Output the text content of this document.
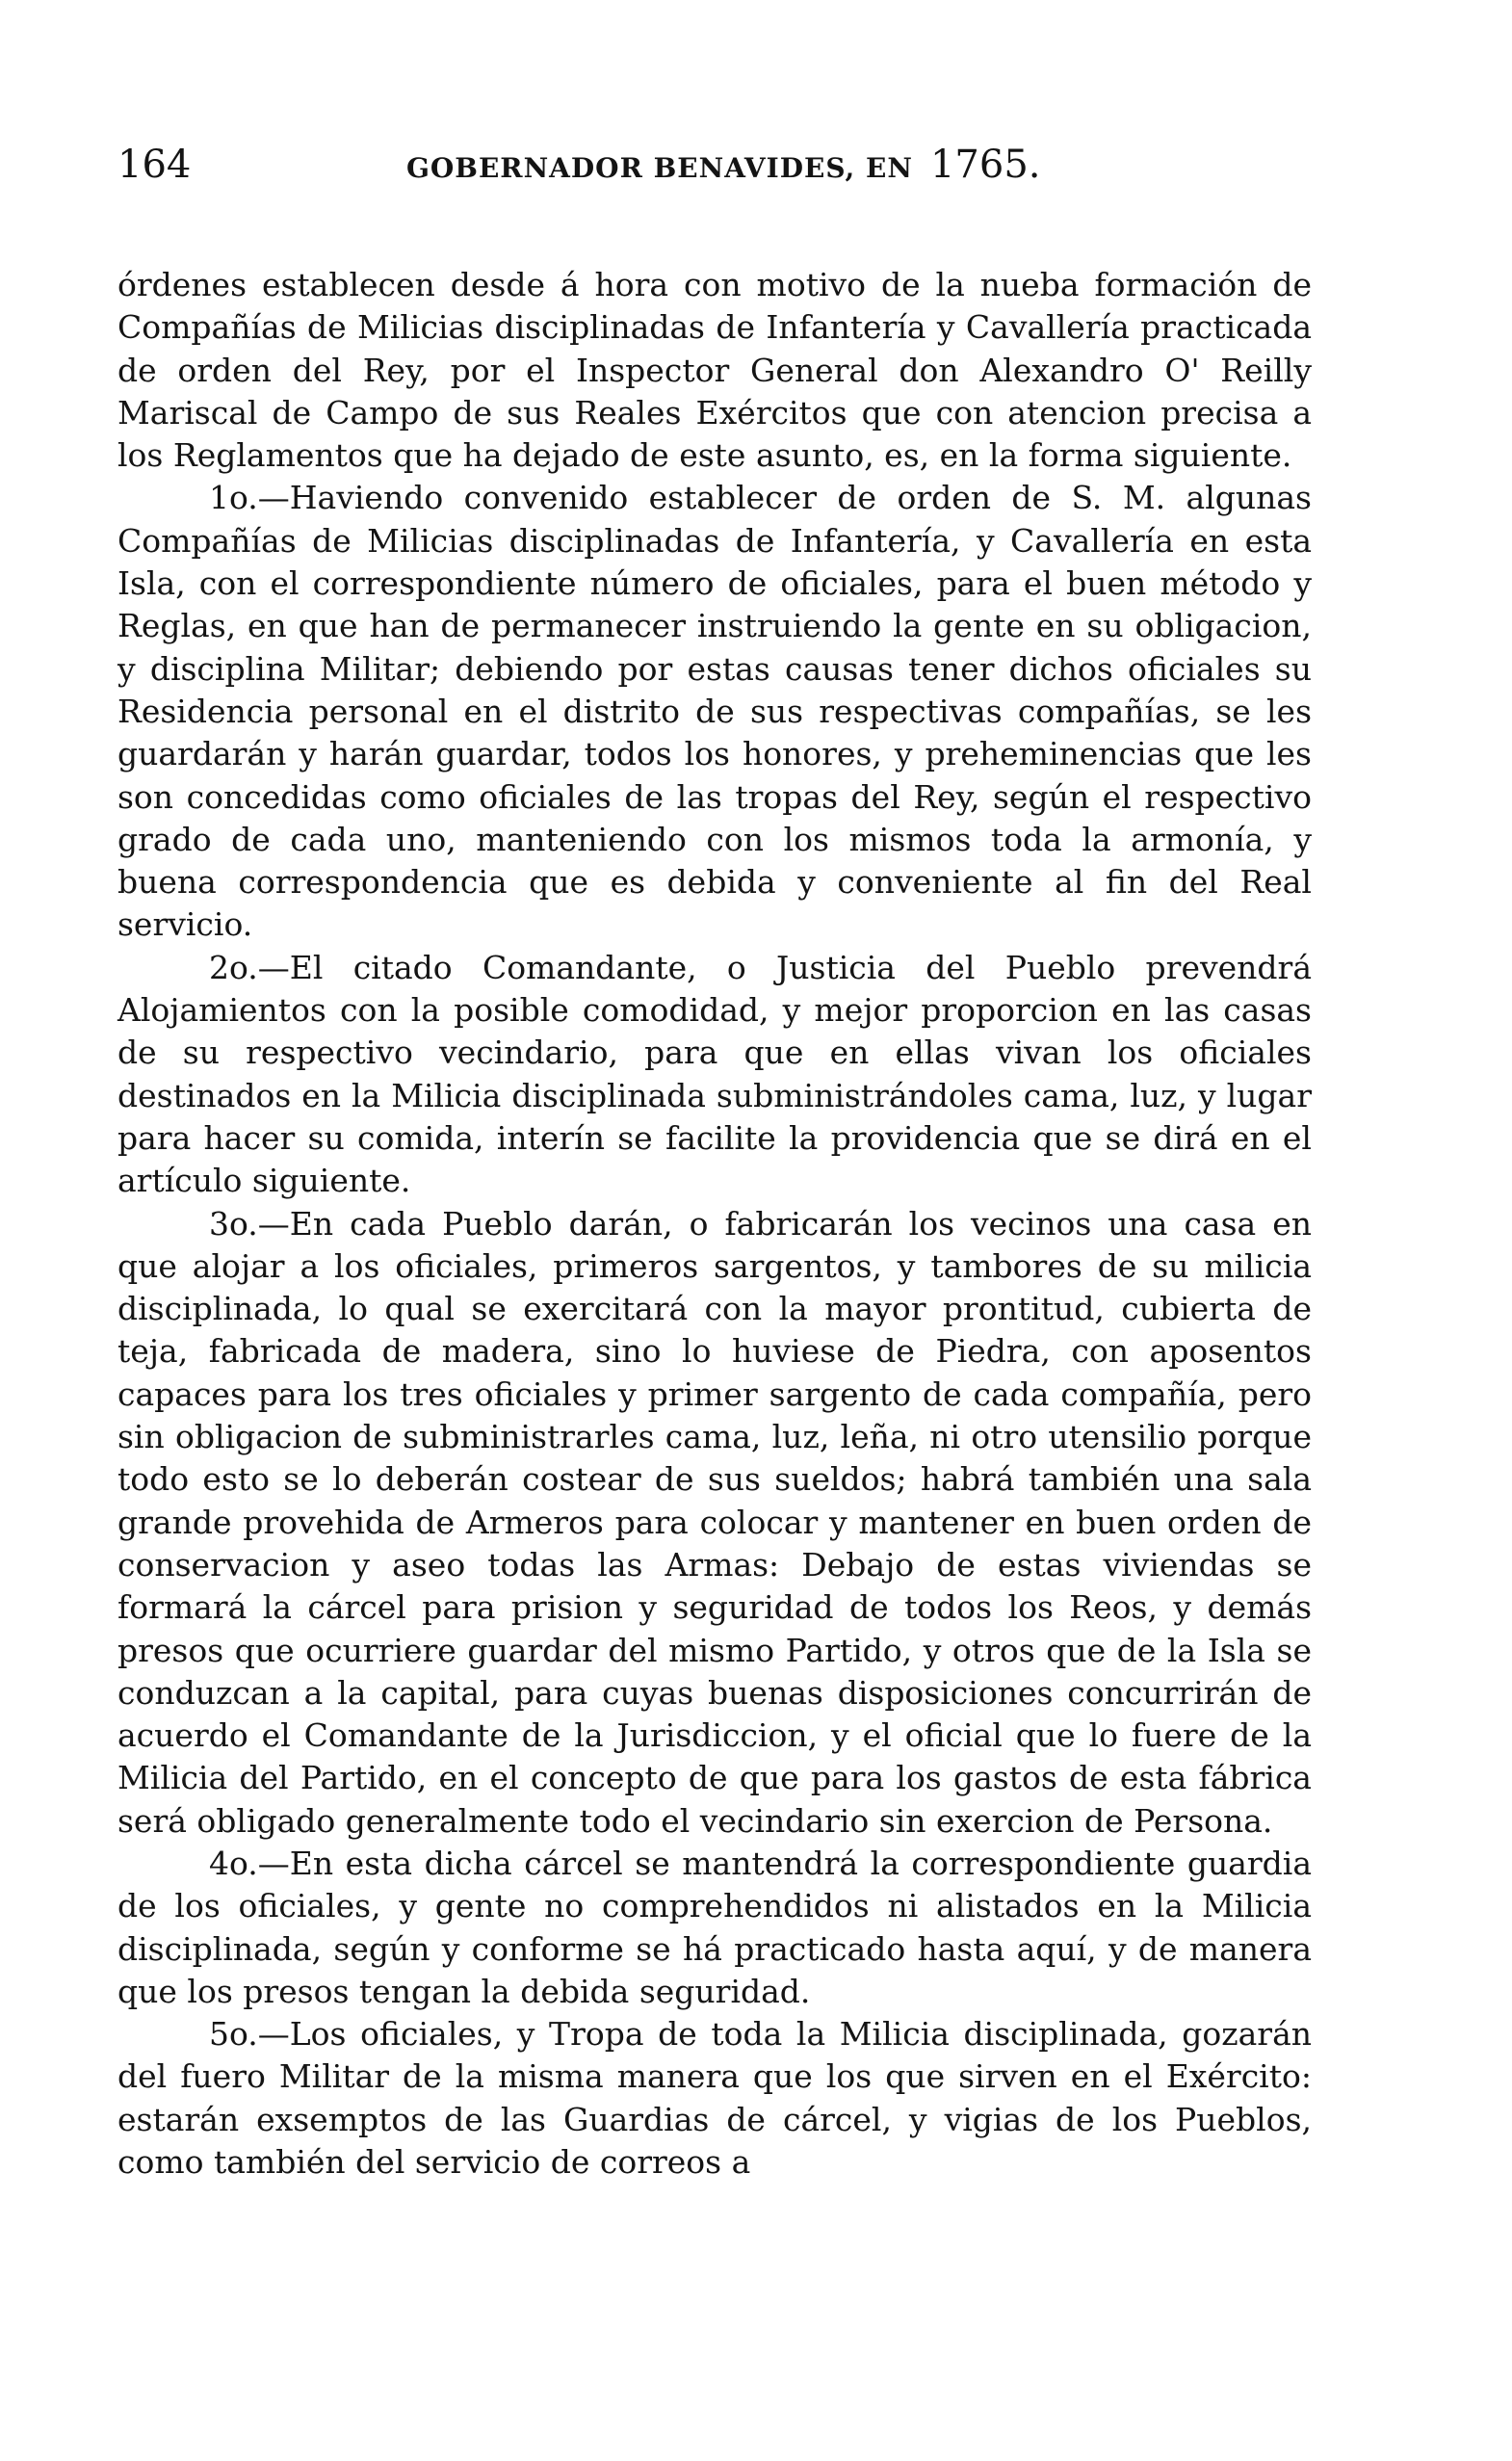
164	GOBERNADOR BENAVIDES, EN 1765.

órdenes establecen desde á hora con motivo de la nueba formación de Compañías de Milicias disciplinadas de Infantería y Cavallería practicada de orden del Rey, por el Inspector General don Alexandro O' Reilly Mariscal de Campo de sus Reales Exércitos que con atencion precisa a los Reglamentos que ha dejado de este asunto, es, en la forma siguiente.

1o.—Haviendo convenido establecer de orden de S. M. algunas Compañías de Milicias disciplinadas de Infantería, y Cavallería en esta Isla, con el correspondiente número de oficiales, para el buen método y Reglas, en que han de permanecer instruiendo la gente en su obligacion, y disciplina Militar; debiendo por estas causas tener dichos oficiales su Residencia personal en el distrito de sus respectivas compañías, se les guardarán y harán guardar, todos los honores, y preheminencias que les son concedidas como oficiales de las tropas del Rey, según el respectivo grado de cada uno, manteniendo con los mismos toda la armonía, y buena correspondencia que es debida y conveniente al fin del Real servicio.

2o.—El citado Comandante, o Justicia del Pueblo prevendrá Alojamientos con la posible comodidad, y mejor proporcion en las casas de su respectivo vecindario, para que en ellas vivan los oficiales destinados en la Milicia disciplinada subministrándoles cama, luz, y lugar para hacer su comida, interín se facilite la providencia que se dirá en el artículo siguiente.

3o.—En cada Pueblo darán, o fabricarán los vecinos una casa en que alojar a los oficiales, primeros sargentos, y tambores de su milicia disciplinada, lo qual se exercitará con la mayor prontitud, cubierta de teja, fabricada de madera, sino lo huviese de Piedra, con aposentos capaces para los tres oficiales y primer sargento de cada compañía, pero sin obligacion de subministrarles cama, luz, leña, ni otro utensilio porque todo esto se lo deberán costear de sus sueldos; habrá también una sala grande provehida de Armeros para colocar y mantener en buen orden de conservacion y aseo todas las Armas: Debajo de estas viviendas se formará la cárcel para prision y seguridad de todos los Reos, y demás presos que ocurriere guardar del mismo Partido, y otros que de la Isla se conduzcan a la capital, para cuyas buenas disposiciones concurrirán de acuerdo el Comandante de la Jurisdiccion, y el oficial que lo fuere de la Milicia del Partido, en el concepto de que para los gastos de esta fábrica será obligado generalmente todo el vecindario sin exercion de Persona.

4o.—En esta dicha cárcel se mantendrá la correspondiente guardia de los oficiales, y gente no comprehendidos ni alistados en la Milicia disciplinada, según y conforme se há practicado hasta aquí, y de manera que los presos tengan la debida seguridad.

5o.—Los oficiales, y Tropa de toda la Milicia disciplinada, gozarán del fuero Militar de la misma manera que los que sirven en el Exército: estarán exsemptos de las Guardias de cárcel, y vigias de los Pueblos, como también del servicio de correos a
